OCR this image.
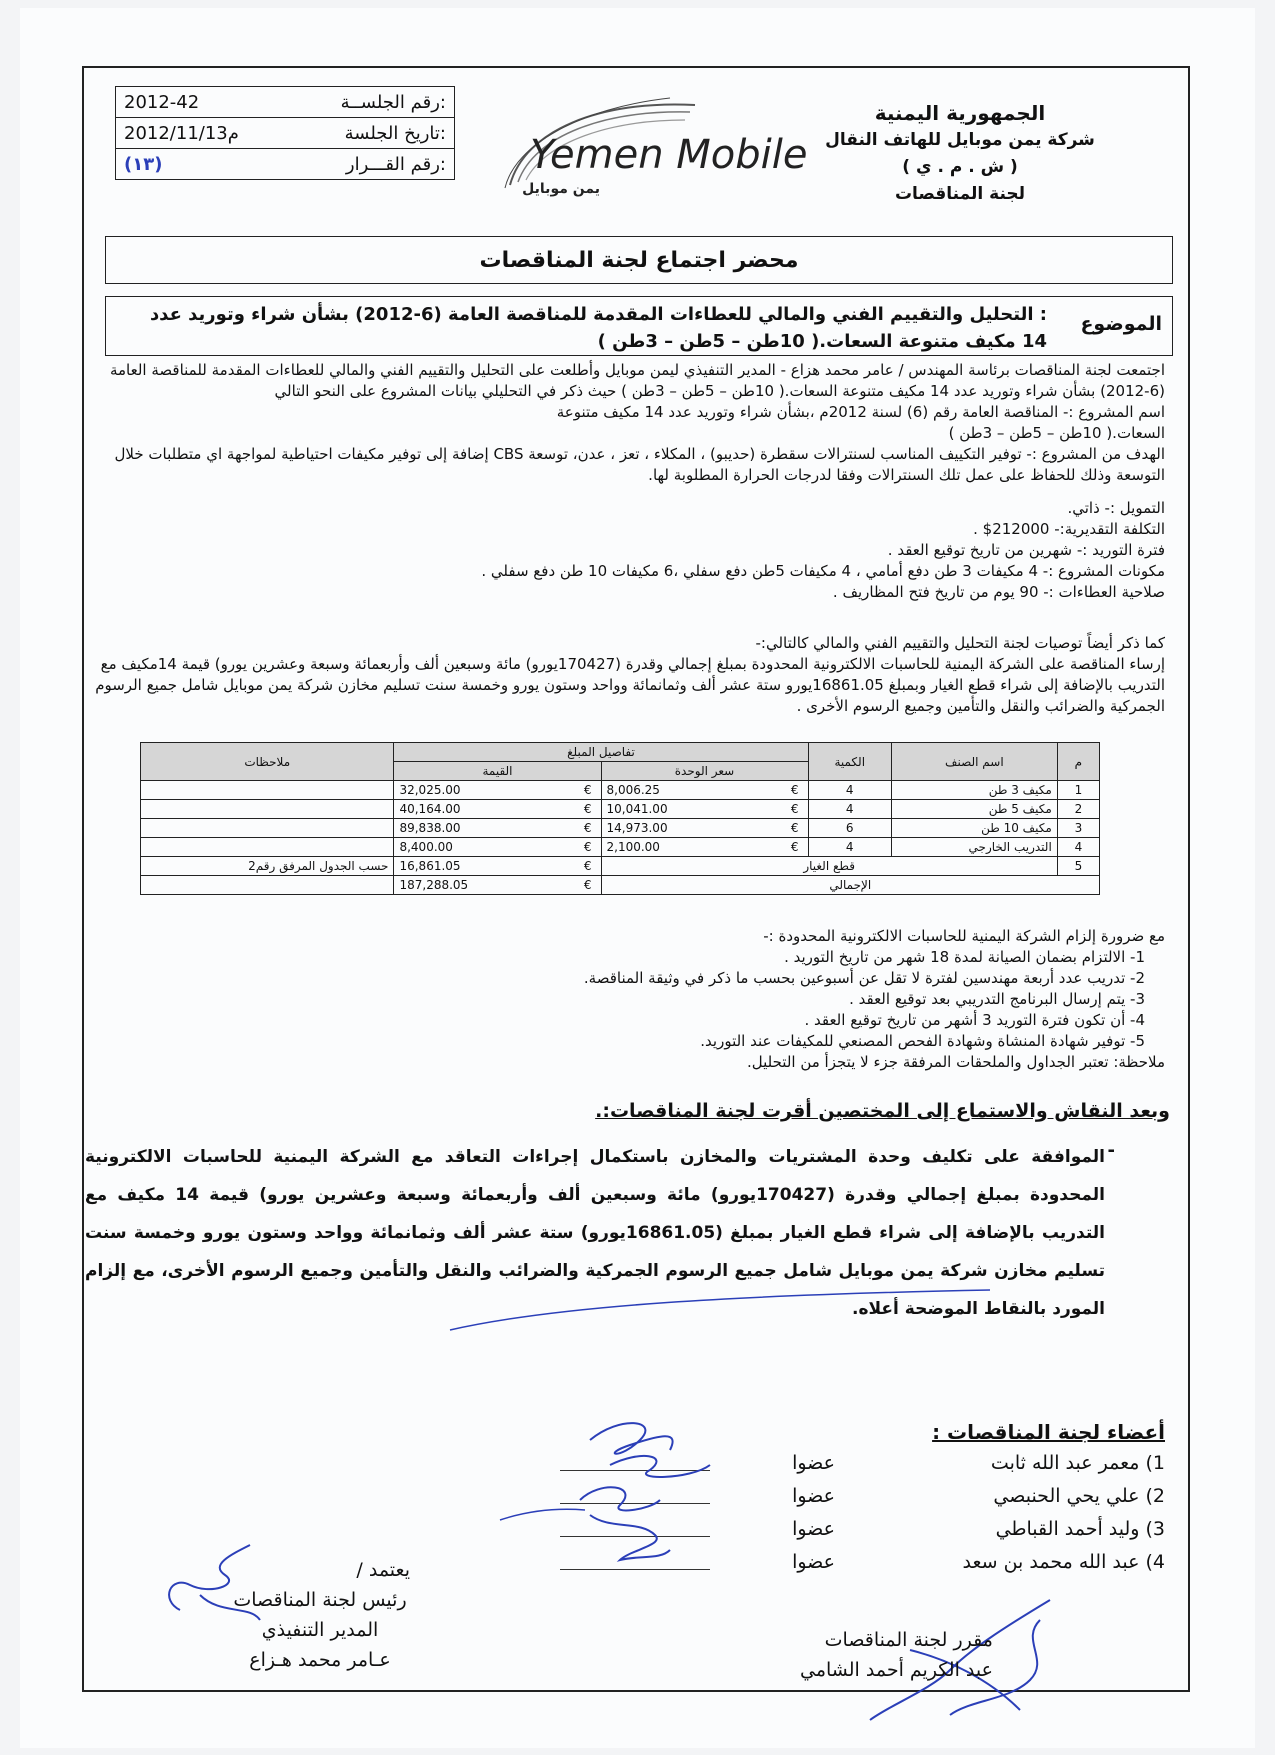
الجمهورية اليمنية
شركة يمن موبايل للهاتف النقال
( ش . م . ي )
لجنة المناقصات
Yemen Mobile
يمن موبايل
2012-42	رقم الجلســة:
2012/11/13م	تاريخ الجلسة:
(١٣)	رقم القـــرار:
محضر اجتماع لجنة المناقصات
الموضوع
: التحليل والتقييم الفني والمالي للعطاءات المقدمة للمناقصة العامة (6-2012) بشأن شراء وتوريد عدد 14 مكيف متنوعة السعات.( 10طن – 5طن – 3طن )

اجتمعت لجنة المناقصات برئاسة المهندس / عامر محمد هزاع - المدير التنفيذي ليمن موبايل وأطلعت على التحليل والتقييم الفني والمالي للعطاءات المقدمة للمناقصة العامة (6-2012) بشأن شراء وتوريد عدد 14 مكيف متنوعة السعات.( 10طن – 5طن – 3طن ) حيث ذكر في التحليلي بيانات المشروع على النحو التالي

اسم المشروع :- المناقصة العامة رقم (6) لسنة 2012م ،بشأن شراء وتوريد عدد 14 مكيف متنوعة السعات.( 10طن – 5طن – 3طن )

الهدف من المشروع :- توفير التكييف المناسب لسنترالات سقطرة (حديبو) ، المكلاء ، تعز ، عدن، توسعة CBS إضافة إلى توفير مكيفات احتياطية لمواجهة اي متطلبات خلال التوسعة وذلك للحفاظ على عمل تلك السنترالات وفقا لدرجات الحرارة المطلوبة لها.

التمويل :- ذاتي.

التكلفة التقديرية:- 212000$ .

فترة التوريد :- شهرين من تاريخ توقيع العقد .

مكونات المشروع :- 4 مكيفات 3 طن دفع أمامي ، 4 مكيفات 5طن دفع سفلي ،6 مكيفات 10 طن دفع سفلي .

صلاحية العطاءات :- 90 يوم من تاريخ فتح المظاريف .

كما ذكر أيضاً توصيات لجنة التحليل والتقييم الفني والمالي كالتالي:-

إرساء المناقصة على الشركة اليمنية للحاسبات الالكترونية المحدودة بمبلغ إجمالي وقدرة (170427يورو) مائة وسبعين ألف وأربعمائة وسبعة وعشرين يورو) قيمة 14مكيف مع التدريب بالإضافة إلى شراء قطع الغيار وبمبلغ 16861.05يورو ستة عشر ألف وثمانمائة وواحد وستون يورو وخمسة سنت تسليم مخازن شركة يمن موبايل شامل جميع الرسوم الجمركية والضرائب والنقل والتأمين وجميع الرسوم الأخرى .

م	اسم الصنف	الكمية	تفاصيل المبلغ		ملاحظات
			سعر الوحدة	القيمة	
1	مكيف 3 طن	4	8,006.25 €	32,025.00 €	

2	مكيف 5 طن	4	10,041.00 €	40,164.00 €	

3	مكيف 10 طن	6	14,973.00 €	89,838.00 €	

4	التدريب الخارجي	4	2,100.00 €	8,400.00 €	

5	قطع الغيار			16,861.05 €	حسب الجدول المرفق رقم2
الإجمالي				187,288.05 €	

مع ضرورة إلزام الشركة اليمنية للحاسبات الالكترونية المحدودة :-

1- الالتزام بضمان الصيانة لمدة 18 شهر من تاريخ التوريد .

2- تدريب عدد أربعة مهندسين لفترة لا تقل عن أسبوعين بحسب ما ذكر في وثيقة المناقصة.

3- يتم إرسال البرنامج التدريبي بعد توقيع العقد .

4- أن تكون فترة التوريد 3 أشهر من تاريخ توقيع العقد .

5- توفير شهادة المنشاة وشهادة الفحص المصنعي للمكيفات عند التوريد.

ملاحظة: تعتبر الجداول والملحقات المرفقة جزء لا يتجزأ من التحليل.

وبعد النقاش والاستماع إلى المختصين أقرت لجنة المناقصات:.
-
الموافقة على تكليف وحدة المشتريات والمخازن باستكمال إجراءات التعاقد مع الشركة اليمنية للحاسبات الالكترونية المحدودة بمبلغ إجمالي وقدرة (170427يورو) مائة وسبعين ألف وأربعمائة وسبعة وعشرين يورو) قيمة 14 مكيف مع التدريب بالإضافة إلى شراء قطع الغيار بمبلغ (16861.05يورو) ستة عشر ألف وثمانمائة وواحد وستون يورو وخمسة سنت تسليم مخازن شركة يمن موبايل شامل جميع الرسوم الجمركية والضرائب والنقل والتأمين وجميع الرسوم الأخرى، مع إلزام المورد بالنقاط الموضحة أعلاه.
أعضاء لجنة المناقصات :
1) معمر عبد الله ثابت
عضوا
2) علي يحي الحنبصي
عضوا
3) وليد أحمد القباطي
عضوا
4) عبد الله محمد بن سعد
عضوا
يعتمد /
رئيس لجنة المناقصات
المدير التنفيذي
عـامر محمد هـزاع
مقرر لجنة المناقصات
عبد الكريم أحمد الشامي
